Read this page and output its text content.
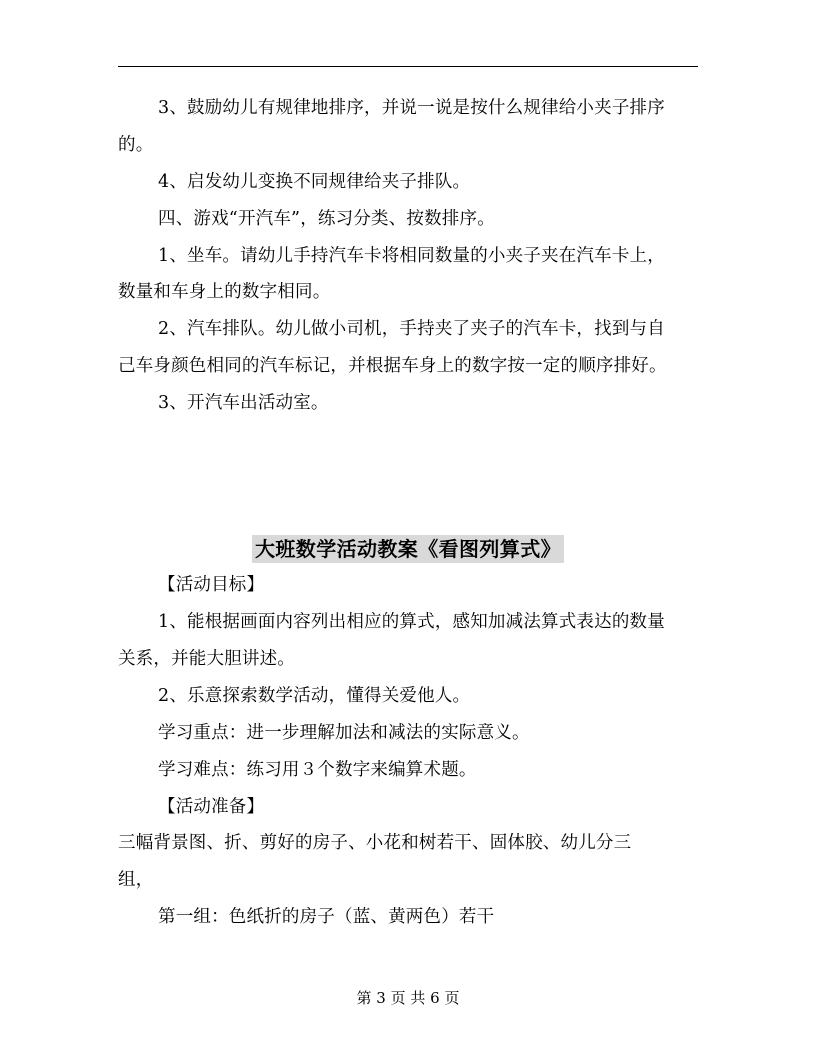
3、鼓励幼儿有规律地排序，并说一说是按什么规律给小夹子排序
的。
4、启发幼儿变换不同规律给夹子排队。
四、游戏“开汽车”，练习分类、按数排序。
1、坐车。请幼儿手持汽车卡将相同数量的小夹子夹在汽车卡上，
数量和车身上的数字相同。
2、汽车排队。幼儿做小司机，手持夹了夹子的汽车卡，找到与自
己车身颜色相同的汽车标记，并根据车身上的数字按一定的顺序排好。
3、开汽车出活动室。
大班数学活动教案《看图列算式》
【活动目标】
1、能根据画面内容列出相应的算式，感知加减法算式表达的数量
关系，并能大胆讲述。
2、乐意探索数学活动，懂得关爱他人。
学习重点：进一步理解加法和减法的实际意义。
学习难点：练习用３个数字来编算术题。
【活动准备】
三幅背景图、折、剪好的房子、小花和树若干、固体胶、幼儿分三
组，
第一组：色纸折的房子（蓝、黄两色）若干
第 3 页 共 6 页
